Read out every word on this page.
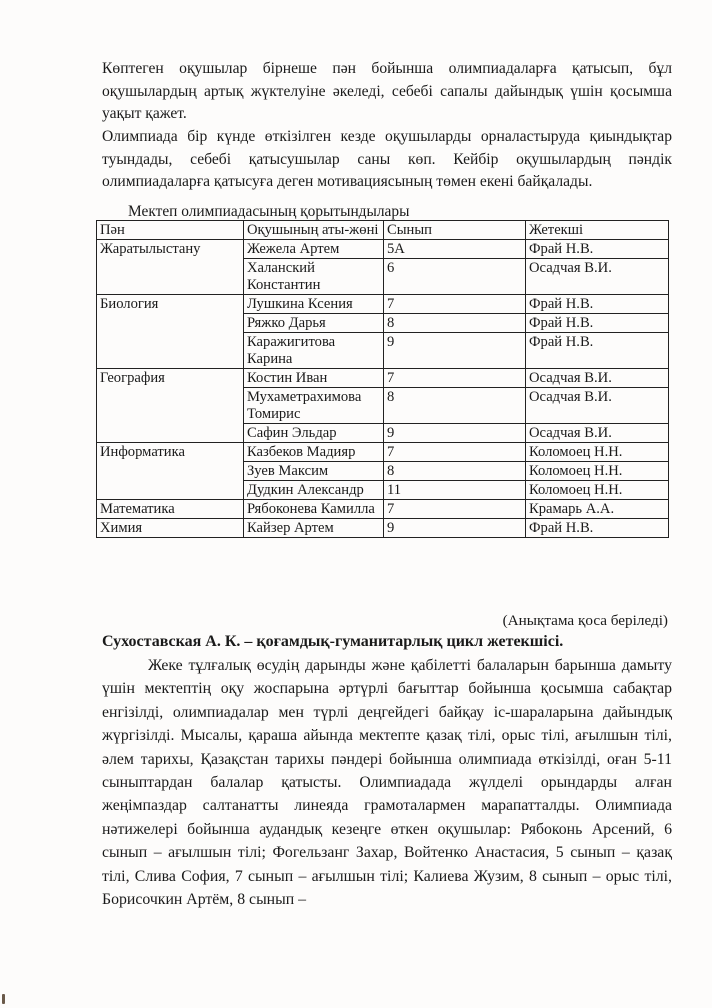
Көптеген оқушылар бірнеше пән бойынша олимпиадаларға қатысып, бұл оқушылардың артық жүктелуіне әкеледі, себебі сапалы дайындық үшін қосымша уақыт қажет.

Олимпиада бір күнде өткізілген кезде оқушыларды орналастыруда қиындықтар туындады, себебі қатысушылар саны көп. Кейбір оқушылардың пәндік олимпиадаларға қатысуға деген мотивациясының төмен екені байқалады.

Мектеп олимпиадасының қорытындылары
Пән	Оқушының аты-жөні	Сынып	Жетекші
Жаратылыстану	Жежела Артем	5А	Фрай Н.В.
	Халанский Константин	6	Осадчая В.И.
Биология	Лушкина Ксения	7	Фрай Н.В.
	Ряжко Дарья	8	Фрай Н.В.
	Каражигитова Карина	9	Фрай Н.В.
География	Костин Иван	7	Осадчая В.И.
	Мухаметрахимова Томирис	8	Осадчая В.И.
	Сафин Эльдар	9	Осадчая В.И.
Информатика	Казбеков Мадияр	7	Коломоец Н.Н.
	Зуев Максим	8	Коломоец Н.Н.
	Дудкин Александр	11	Коломоец Н.Н.
Математика	Рябоконева Камилла	7	Крамарь А.А.
Химия	Кайзер Артем	9	Фрай Н.В.
(Анықтама қоса беріледі)
Сухоставская А. К. – қоғамдық-гуманитарлық цикл жетекшісі.

Жеке тұлғалық өсудің дарынды және қабілетті балаларын барынша дамыту үшін мектептің оқу жоспарына әртүрлі бағыттар бойынша қосымша сабақтар енгізілді, олимпиадалар мен түрлі деңгейдегі байқау іс-шараларына дайындық жүргізілді. Мысалы, қараша айында мектепте қазақ тілі, орыс тілі, ағылшын тілі, әлем тарихы, Қазақстан тарихы пәндері бойынша олимпиада өткізілді, оған 5-11 сыныптардан балалар қатысты. Олимпиадада жүлделі орындарды алған жеңімпаздар салтанатты линеяда грамоталармен марапатталды. Олимпиада нәтижелері бойынша аудандық кезеңге өткен оқушылар: Рябоконь Арсений, 6 сынып – ағылшын тілі; Фогельзанг Захар, Войтенко Анастасия, 5 сынып – қазақ тілі, Слива София, 7 сынып – ағылшын тілі; Калиева Жузим, 8 сынып – орыс тілі, Борисочкин Артём, 8 сынып –
